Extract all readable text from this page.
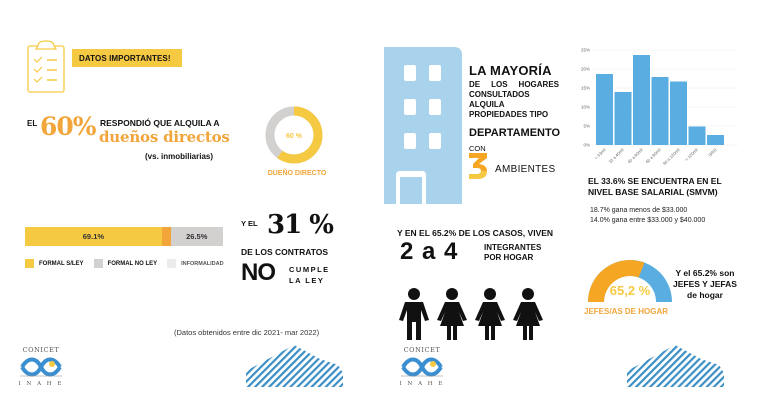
DATOS IMPORTANTES!
EL 60% RESPONDIÓ QUE ALQUILA A
dueños directos
(vs. inmobiliarias)
60 %
DUEÑO DIRECTO
69.1%	26.5%
FORMAL S/LEY	FORMAL NO LEY	INFORMALIDAD
Y EL 31 %
DE LOS CONTRATOS
NO CUMPLE
LA LEY
(Datos obtenidos entre dic 2021- mar 2022)
CONICET
I N A H E
LA MAYORÍA
DE LOS HOGARES
CONSULTADOS
ALQUILA
PROPIEDADES TIPO
DEPARTAMENTO
CON
AMBIENTES
25%
20%
15%
10%
5%
0%
< 33mil 33 a 40mil 40 a 60mil 60 a 90mil 90 a 120mil > 120mil S/NS
EL 33.6% SE ENCUENTRA EN EL
NIVEL BASE SALARIAL (SMVM)
18.7% gana menos de $33.000
14.0% gana entre $33.000 y $40.000
Y EN EL 65.2% DE LOS CASOS, VIVEN
2 a 4	INTEGRANTES
POR HOGAR
65,2 %
JEFES/AS DE HOGAR
Y el 65.2% son
JEFES Y JEFAS
de hogar
CONICET
I N A H E
